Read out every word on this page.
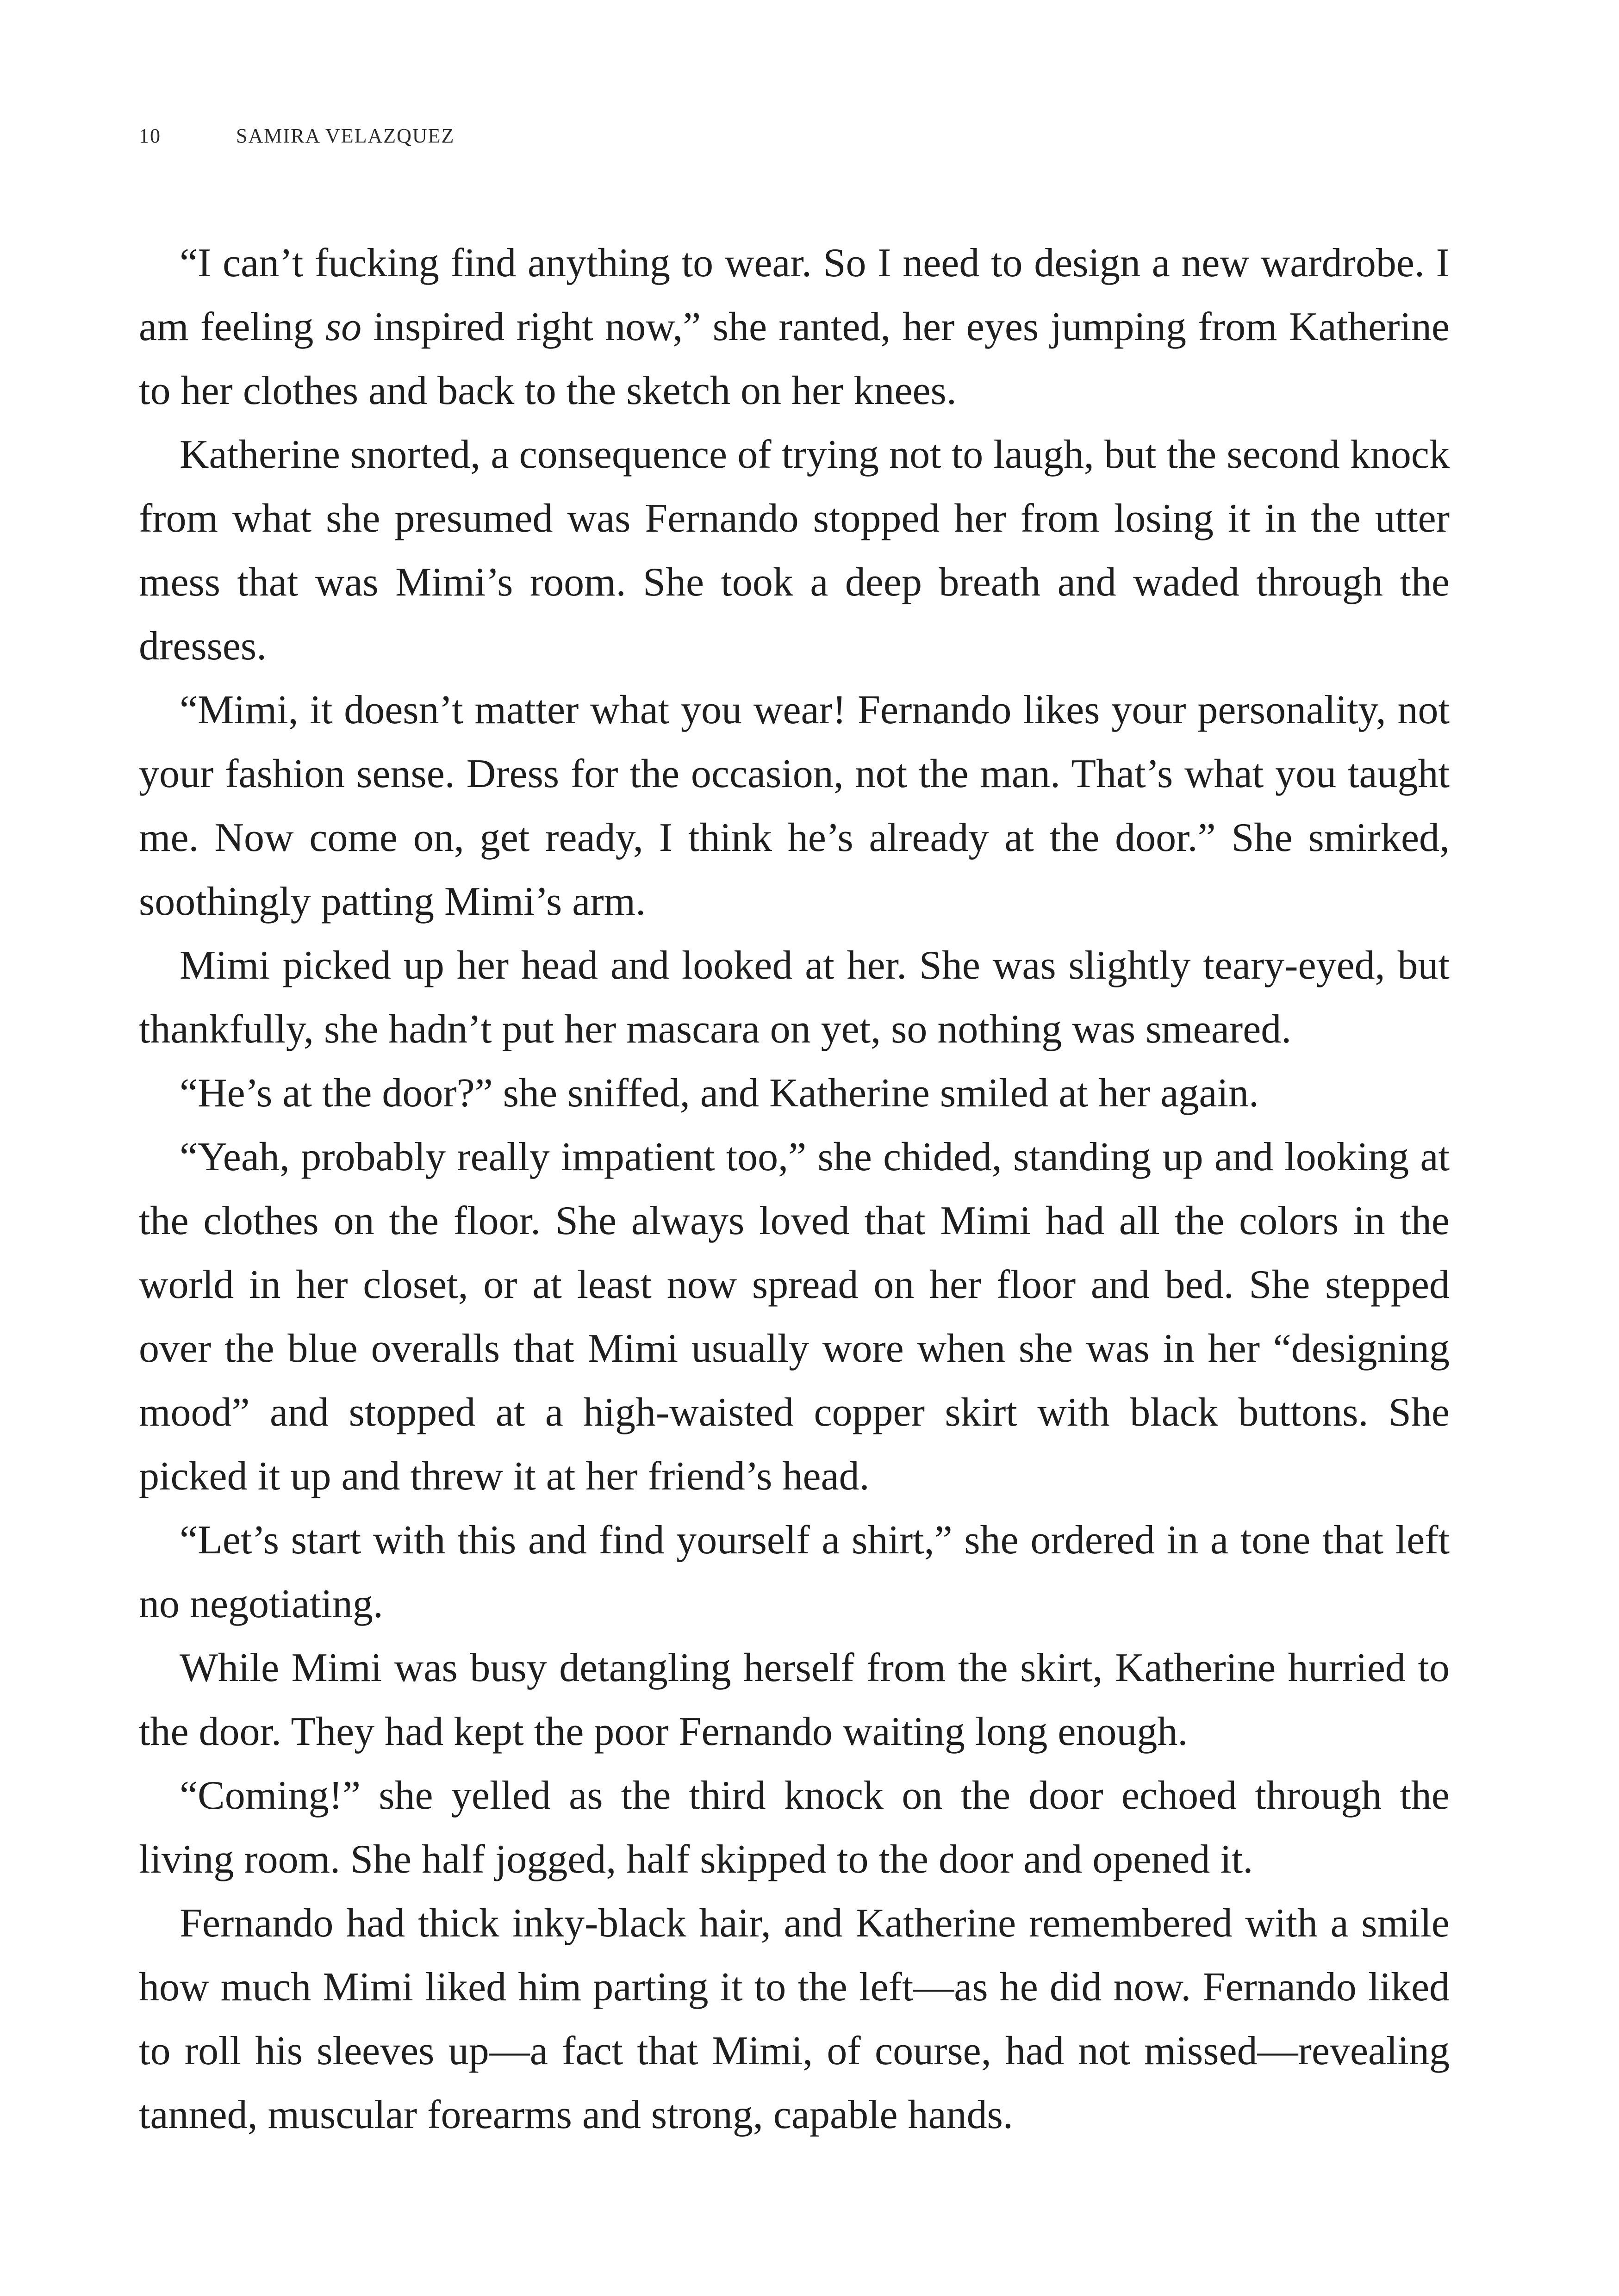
10	SAMIRA VELAZQUEZ

“I can’t fucking find anything to wear. So I need to design a new wardrobe. I am feeling so inspired right now,” she ranted, her eyes jumping from Katherine to her clothes and back to the sketch on her knees.

Katherine snorted, a consequence of trying not to laugh, but the second knock from what she presumed was Fernando stopped her from losing it in the utter mess that was Mimi’s room. She took a deep breath and waded through the dresses.

“Mimi, it doesn’t matter what you wear! Fernando likes your personality, not your fashion sense. Dress for the occasion, not the man. That’s what you taught me. Now come on, get ready, I think he’s already at the door.” She smirked, soothingly patting Mimi’s arm.

Mimi picked up her head and looked at her. She was slightly teary-eyed, but thankfully, she hadn’t put her mascara on yet, so nothing was smeared.

“He’s at the door?” she sniffed, and Katherine smiled at her again.

“Yeah, probably really impatient too,” she chided, standing up and looking at the clothes on the floor. She always loved that Mimi had all the colors in the world in her closet, or at least now spread on her floor and bed. She stepped over the blue overalls that Mimi usually wore when she was in her “designing mood” and stopped at a high-waisted copper skirt with black buttons. She picked it up and threw it at her friend’s head.

“Let’s start with this and find yourself a shirt,” she ordered in a tone that left no negotiating.

While Mimi was busy detangling herself from the skirt, Katherine hurried to the door. They had kept the poor Fernando waiting long enough.

“Coming!” she yelled as the third knock on the door echoed through the living room. She half jogged, half skipped to the door and opened it.

Fernando had thick inky-black hair, and Katherine remembered with a smile how much Mimi liked him parting it to the left—as he did now. Fernando liked to roll his sleeves up—a fact that Mimi, of course, had not missed—revealing tanned, muscular forearms and strong, capable hands.
